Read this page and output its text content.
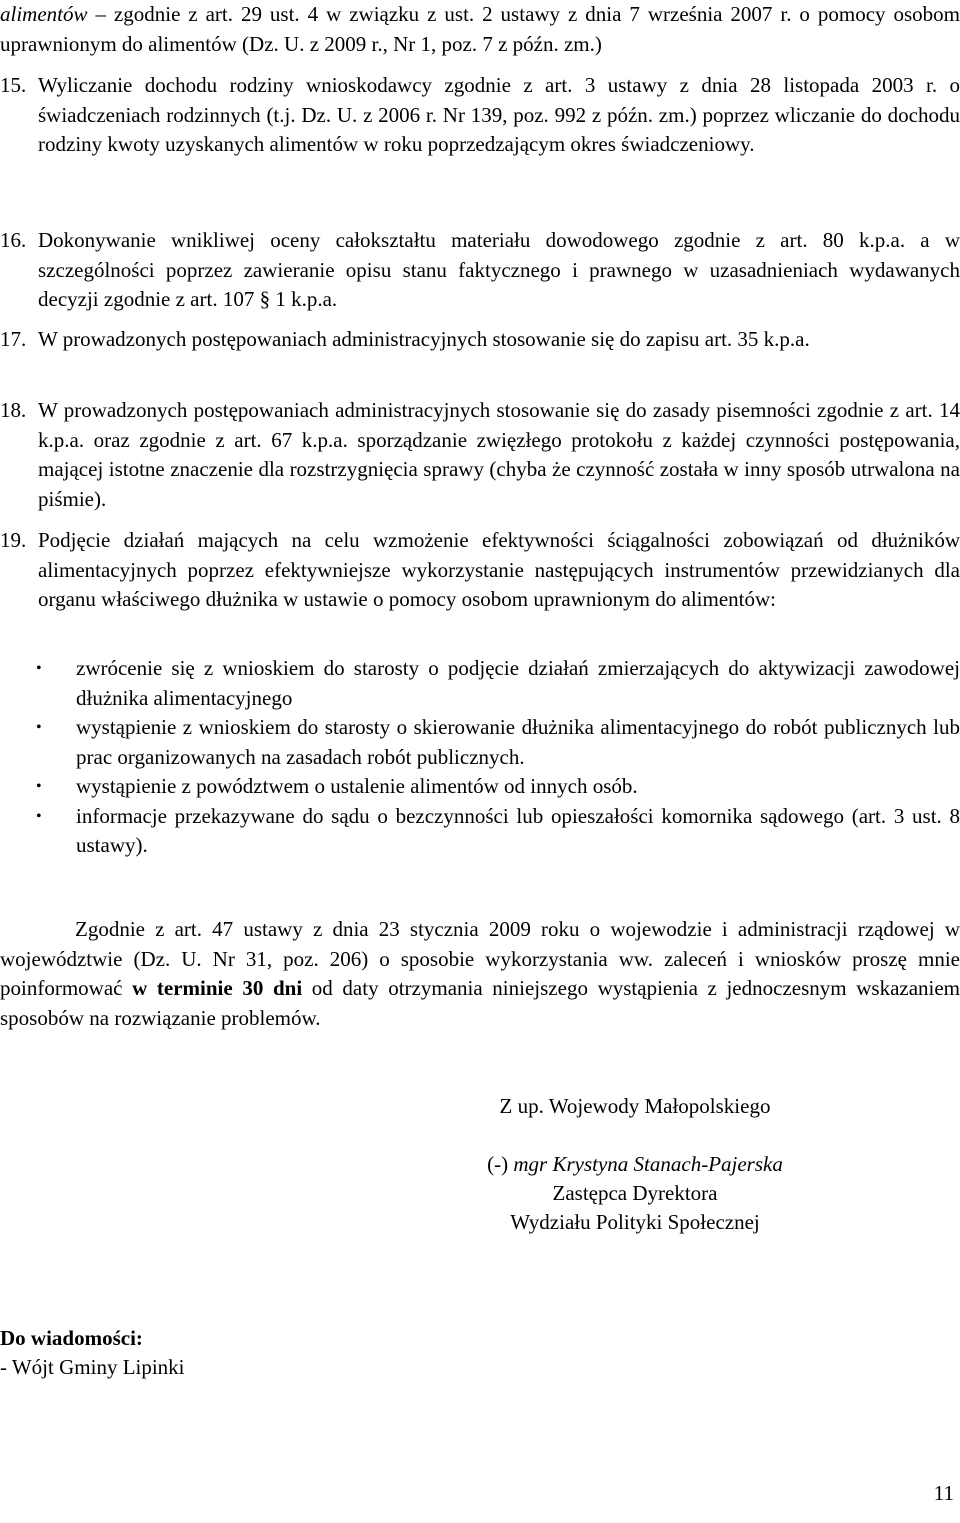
alimentów – zgodnie z art. 29 ust. 4 w związku z ust. 2 ustawy z dnia 7 września 2007 r. o pomocy osobom uprawnionym do alimentów (Dz. U. z 2009 r., Nr 1, poz. 7 z późn. zm.)
15. Wyliczanie dochodu rodziny wnioskodawcy zgodnie z art. 3 ustawy z dnia 28 listopada 2003 r. o świadczeniach rodzinnych (t.j. Dz. U. z 2006 r. Nr 139, poz. 992 z późn. zm.) poprzez wliczanie do dochodu rodziny kwoty uzyskanych alimentów w roku poprzedzającym okres świadczeniowy.
16. Dokonywanie wnikliwej oceny całokształtu materiału dowodowego zgodnie z art. 80 k.p.a. a w szczególności poprzez zawieranie opisu stanu faktycznego i prawnego w uzasadnieniach wydawanych decyzji zgodnie z art. 107 § 1 k.p.a.
17. W prowadzonych postępowaniach administracyjnych stosowanie się do zapisu art. 35 k.p.a.
18. W prowadzonych postępowaniach administracyjnych stosowanie się do zasady pisemności zgodnie z art. 14 k.p.a. oraz zgodnie z art. 67 k.p.a. sporządzanie zwięzłego protokołu z każdej czynności postępowania, mającej istotne znaczenie dla rozstrzygnięcia sprawy (chyba że czynność została w inny sposób utrwalona na piśmie).
19. Podjęcie działań mających na celu wzmożenie efektywności ściągalności zobowiązań od dłużników alimentacyjnych poprzez efektywniejsze wykorzystanie następujących instrumentów przewidzianych dla organu właściwego dłużnika w ustawie o pomocy osobom uprawnionym do alimentów:
•	zwrócenie się z wnioskiem do starosty o podjęcie działań zmierzających do aktywizacji zawodowej dłużnika alimentacyjnego
•	wystąpienie z wnioskiem do starosty o skierowanie dłużnika alimentacyjnego do robót publicznych lub prac organizowanych na zasadach robót publicznych.
•	wystąpienie z powództwem o ustalenie alimentów od innych osób.
•	informacje przekazywane do sądu o bezczynności lub opieszałości komornika sądowego (art. 3 ust. 8 ustawy).
Zgodnie z art. 47 ustawy z dnia 23 stycznia 2009 roku o wojewodzie i administracji rządowej w województwie (Dz. U. Nr 31, poz. 206) o sposobie wykorzystania ww. zaleceń i wniosków proszę mnie poinformować w terminie 30 dni od daty otrzymania niniejszego wystąpienia z jednoczesnym wskazaniem sposobów na rozwiązanie problemów.
Z up. Wojewody Małopolskiego
(-) mgr Krystyna Stanach-Pajerska
Zastępca Dyrektora
Wydziału Polityki Społecznej
Do wiadomości:
- Wójt Gminy Lipinki
11
